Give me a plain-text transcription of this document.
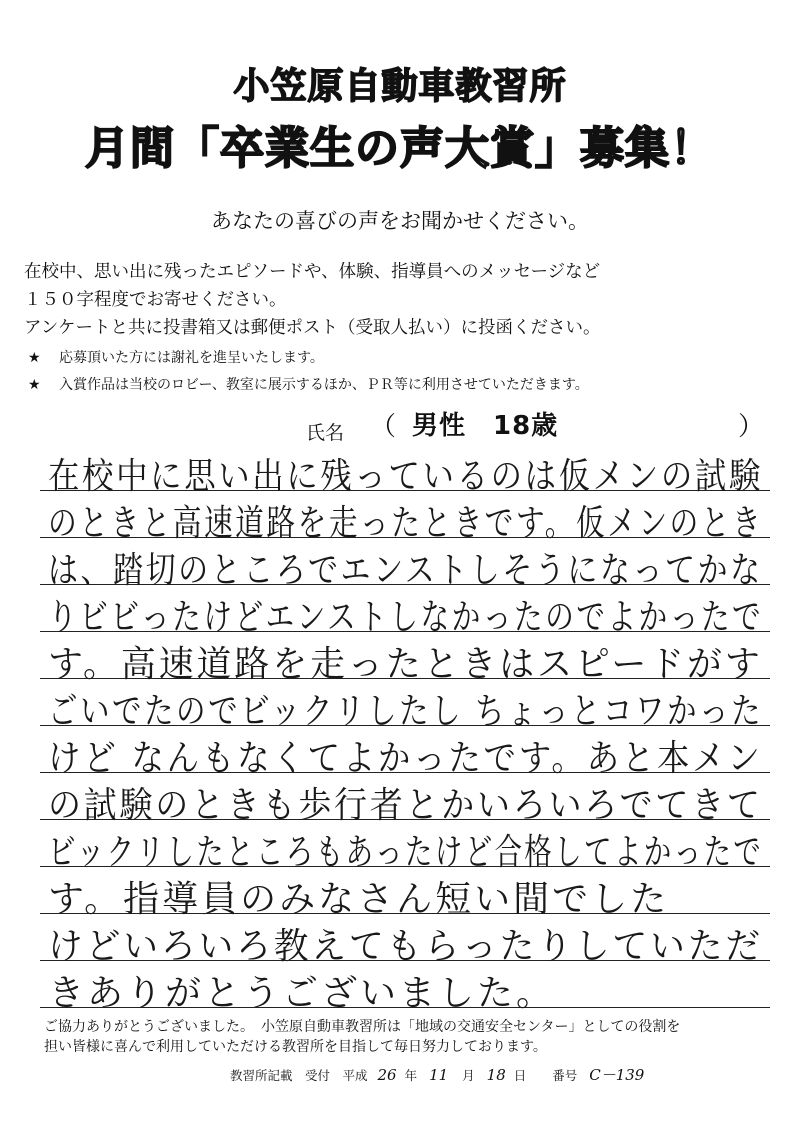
小笠原自動車教習所
月間「卒業生の声大賞」募集！
あなたの喜びの声をお聞かせください。
在校中、思い出に残ったエピソードや、体験、指導員へのメッセージなど
１５０字程度でお寄せください。
アンケートと共に投書箱又は郵便ポスト（受取人払い）に投函ください。
★ 応募頂いた方には謝礼を進呈いたします。
★ 入賞作品は当校のロビー、教室に展示するほか、ＰＲ等に利用させていただきます。
氏名 （ 男性　18歳	）
在校中に思い出に残っているのは仮メンの試験
のときと高速道路を走ったときです。仮メンのとき
は、踏切のところでエンストしそうになってかな
りビビったけどエンストしなかったのでよかったで
す。高速道路を走ったときはスピードがす
ごいでたのでビックリしたし ちょっとコワかった
けど なんもなくてよかったです。あと本メン
の試験のときも歩行者とかいろいろでてきて
ビックリしたところもあったけど合格してよかったで
す。指導員のみなさん短い間でした
けどいろいろ教えてもらったりしていただ
きありがとうございました。
ご協力ありがとうございました。　小笠原自動車教習所は「地域の交通安全センター」としての役割を
担い皆様に喜んで利用していただける教習所を目指して毎日努力しております。
教習所記載　受付　平成 26 年 11 月 18 日 番号 C－139
